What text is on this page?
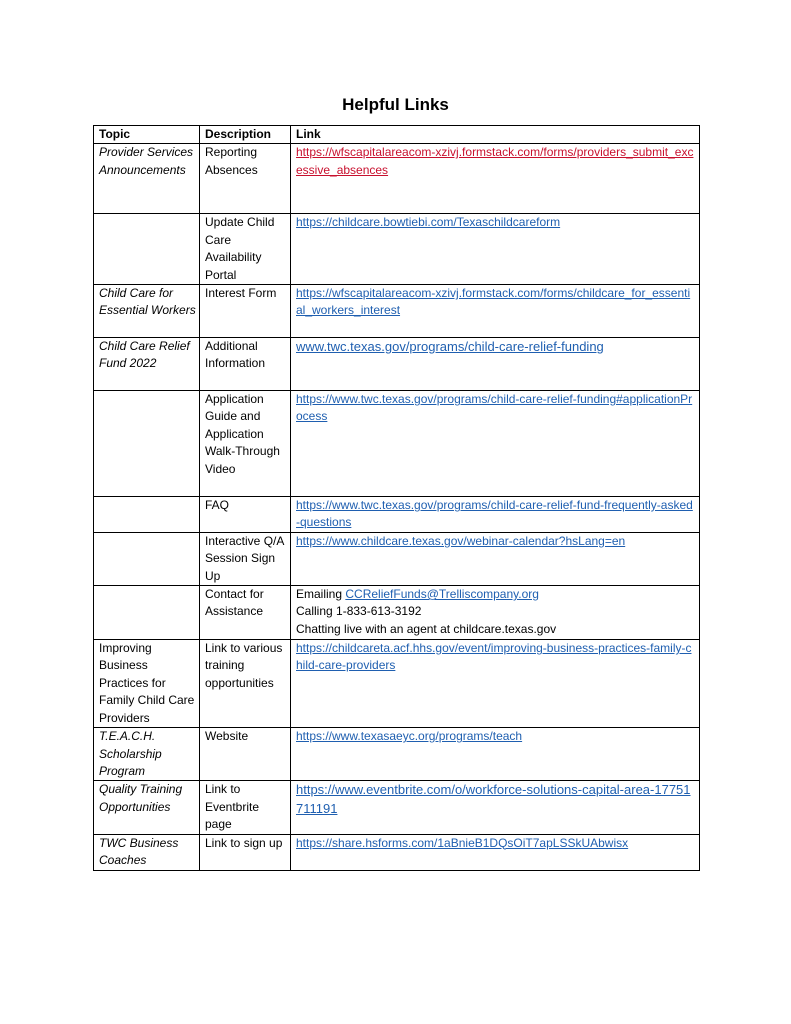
Helpful Links
Topic	Description	Link
Provider Services Announcements	Reporting Absences	https://wfscapitalareacom-xzivj.formstack.com/forms/providers_submit_excessive_absences
	Update Child Care Availability Portal	https://childcare.bowtiebi.com/Texaschildcareform
Child Care for Essential Workers	Interest Form	https://wfscapitalareacom-xzivj.formstack.com/forms/childcare_for_essential_workers_interest
Child Care Relief Fund 2022	Additional Information	www.twc.texas.gov/programs/child-care-relief-funding
	Application Guide and Application Walk-Through Video	https://www.twc.texas.gov/programs/child-care-relief-funding#applicationProcess
	FAQ	https://www.twc.texas.gov/programs/child-care-relief-fund-frequently-asked-questions
	Interactive Q/A Session Sign Up	https://www.childcare.texas.gov/webinar-calendar?hsLang=en
	Contact for Assistance	Emailing CCReliefFunds@Trelliscompany.org
Calling 1-833-613-3192
Chatting live with an agent at childcare.texas.gov

Improving Business Practices for Family Child Care Providers	Link to various training opportunities	https://childcareta.acf.hhs.gov/event/improving-business-practices-family-child-care-providers
T.E.A.C.H. Scholarship Program	Website	https://www.texasaeyc.org/programs/teach
Quality Training Opportunities	Link to Eventbrite page	https://www.eventbrite.com/o/workforce-solutions-capital-area-17751711191
TWC Business Coaches	Link to sign up	https://share.hsforms.com/1aBnieB1DQsOiT7apLSSkUAbwisx
